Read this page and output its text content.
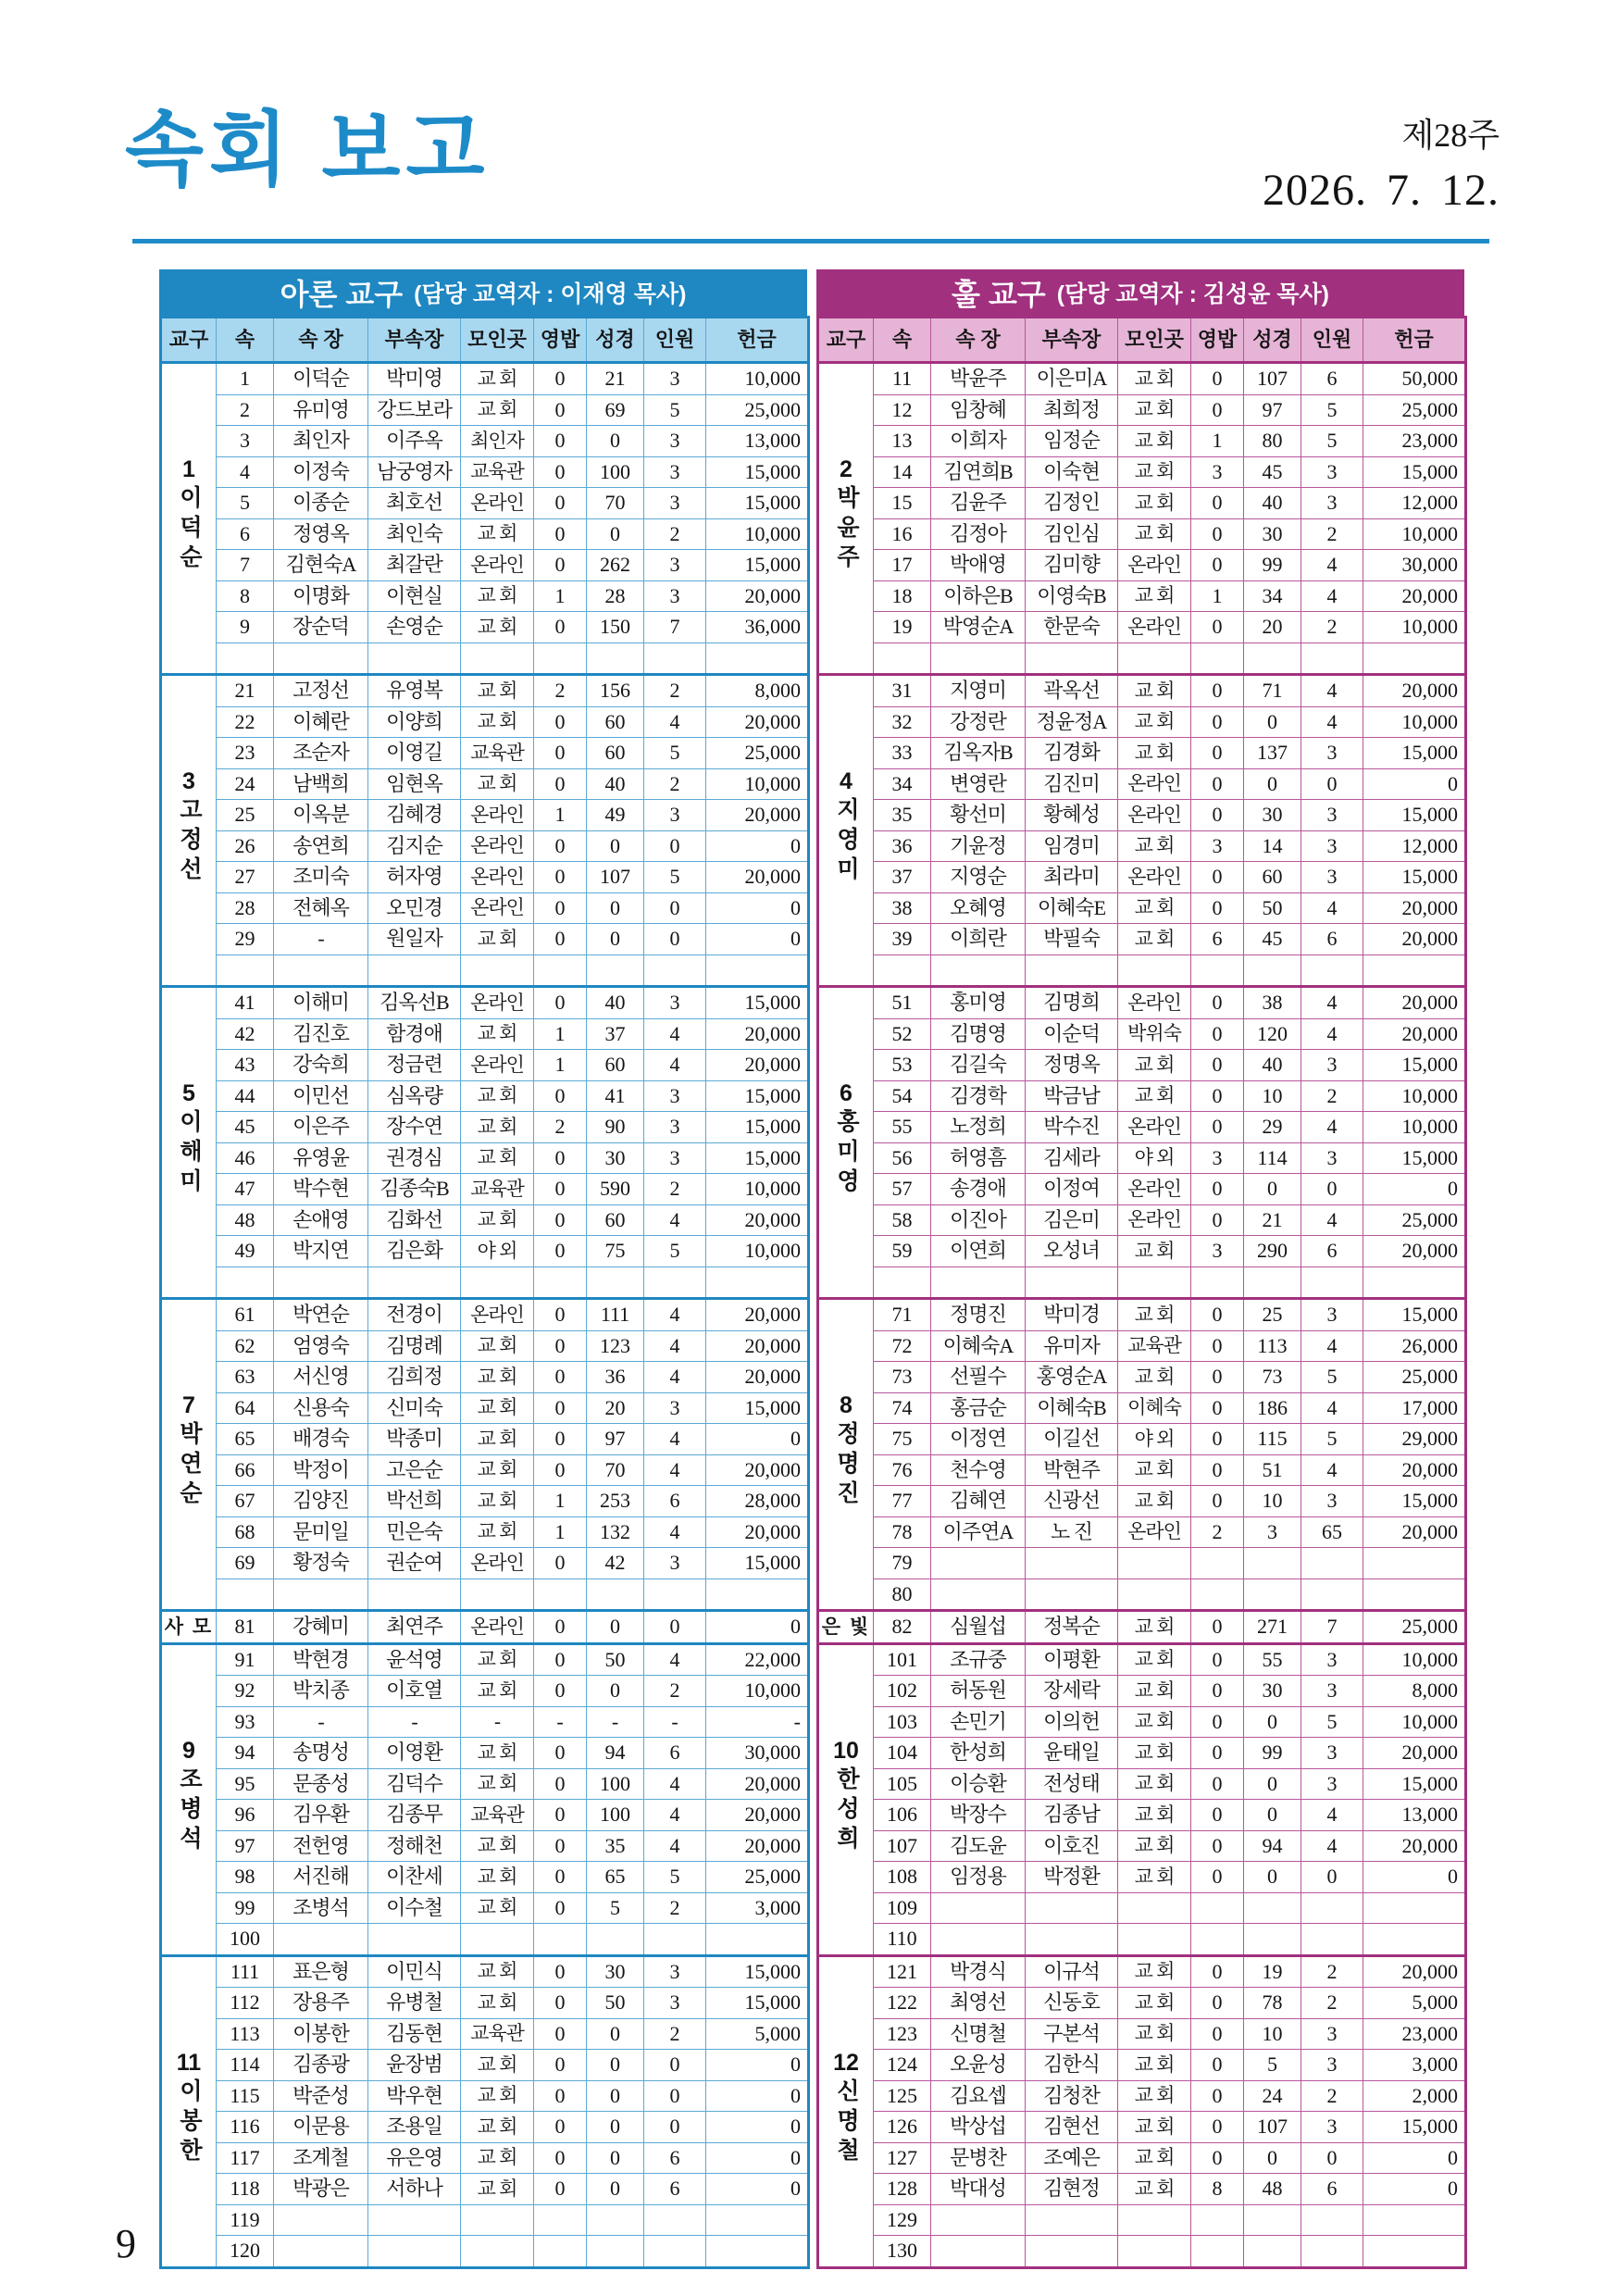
속회 보고	제28주
2026. 7. 12.
아론 교구 (담당 교역자 : 이재영 목사)
교구	속	속 장	부속장	모인곳	영밥	성경	인원	헌금

1
이덕순	1	이덕순	박미영	교 회	0	21	3	10,000
	2	유미영	강드보라	교 회	0	69	5	25,000
	3	최인자	이주옥	최인자	0	0	3	13,000
	4	이정숙	남궁영자	교육관	0	100	3	15,000
	5	이종순	최호선	온라인	0	70	3	15,000
	6	정영옥	최인숙	교 회	0	0	2	10,000
	7	김현숙A	최갈란	온라인	0	262	3	15,000
	8	이명화	이현실	교 회	1	28	3	20,000
	9	장순덕	손영순	교 회	0	150	7	36,000

3
고정선	21	고정선	유영복	교 회	2	156	2	8,000
	22	이혜란	이양희	교 회	0	60	4	20,000
	23	조순자	이영길	교육관	0	60	5	25,000
	24	남백희	임현옥	교 회	0	40	2	10,000
	25	이옥분	김혜경	온라인	1	49	3	20,000
	26	송연희	김지순	온라인	0	0	0	0
	27	조미숙	허자영	온라인	0	107	5	20,000
	28	전혜옥	오민경	온라인	0	0	0	0
	29	-	원일자	교 회	0	0	0	0

5
이해미	41	이해미	김옥선B	온라인	0	40	3	15,000
	42	김진호	함경애	교 회	1	37	4	20,000
	43	강숙희	정금련	온라인	1	60	4	20,000
	44	이민선	심옥량	교 회	0	41	3	15,000
	45	이은주	장수연	교 회	2	90	3	15,000
	46	유영윤	권경심	교 회	0	30	3	15,000
	47	박수현	김종숙B	교육관	0	590	2	10,000
	48	손애영	김화선	교 회	0	60	4	20,000
	49	박지연	김은화	야 외	0	75	5	10,000

7
박연순	61	박연순	전경이	온라인	0	111	4	20,000
	62	엄영숙	김명례	교 회	0	123	4	20,000
	63	서신영	김희정	교 회	0	36	4	20,000
	64	신용숙	신미숙	교 회	0	20	3	15,000
	65	배경숙	박종미	교 회	0	97	4	0
	66	박정이	고은순	교 회	0	70	4	20,000
	67	김양진	박선희	교 회	1	253	6	28,000
	68	문미일	민은숙	교 회	1	132	4	20,000
	69	황정숙	권순여	온라인	0	42	3	15,000

사 모	81	강혜미	최연주	온라인	0	0	0	0

9
조병석	91	박현경	윤석영	교 회	0	50	4	22,000
	92	박치종	이호열	교 회	0	0	2	10,000
	93	-	-	-	-	-	-	-
	94	송명성	이영환	교 회	0	94	6	30,000
	95	문종성	김덕수	교 회	0	100	4	20,000
	96	김우환	김종무	교육관	0	100	4	20,000
	97	전헌영	정해천	교 회	0	35	4	20,000
	98	서진해	이찬세	교 회	0	65	5	25,000
	99	조병석	이수철	교 회	0	5	2	3,000
	100							

11
이봉한	111	표은형	이민식	교 회	0	30	3	15,000
	112	장용주	유병철	교 회	0	50	3	15,000
	113	이봉한	김동현	교육관	0	0	2	5,000
	114	김종광	윤장범	교 회	0	0	0	0
	115	박준성	박우현	교 회	0	0	0	0
	116	이문용	조용일	교 회	0	0	0	0
	117	조계철	유은영	교 회	0	0	6	0
	118	박광은	서하나	교 회	0	0	6	0
	119							
	120							
훌 교구 (담당 교역자 : 김성윤 목사)
교구	속	속 장	부속장	모인곳	영밥	성경	인원	헌금

2
박윤주	11	박윤주	이은미A	교 회	0	107	6	50,000
	12	임창혜	최희정	교 회	0	97	5	25,000
	13	이희자	임정순	교 회	1	80	5	23,000
	14	김연희B	이숙현	교 회	3	45	3	15,000
	15	김윤주	김정인	교 회	0	40	3	12,000
	16	김정아	김인심	교 회	0	30	2	10,000
	17	박애영	김미향	온라인	0	99	4	30,000
	18	이하은B	이영숙B	교 회	1	34	4	20,000
	19	박영순A	한문숙	온라인	0	20	2	10,000

4
지영미	31	지영미	곽옥선	교 회	0	71	4	20,000
	32	강정란	정윤정A	교 회	0	0	4	10,000
	33	김옥자B	김경화	교 회	0	137	3	15,000
	34	변영란	김진미	온라인	0	0	0	0
	35	황선미	황혜성	온라인	0	30	3	15,000
	36	기윤정	임경미	교 회	3	14	3	12,000
	37	지영순	최라미	온라인	0	60	3	15,000
	38	오혜영	이혜숙E	교 회	0	50	4	20,000
	39	이희란	박필숙	교 회	6	45	6	20,000

6
홍미영	51	홍미영	김명희	온라인	0	38	4	20,000
	52	김명영	이순덕	박위숙	0	120	4	20,000
	53	김길숙	정명옥	교 회	0	40	3	15,000
	54	김경학	박금남	교 회	0	10	2	10,000
	55	노정희	박수진	온라인	0	29	4	10,000
	56	허영흠	김세라	야 외	3	114	3	15,000
	57	송경애	이정여	온라인	0	0	0	0
	58	이진아	김은미	온라인	0	21	4	25,000
	59	이연희	오성녀	교 회	3	290	6	20,000

8
정명진	71	정명진	박미경	교 회	0	25	3	15,000
	72	이혜숙A	유미자	교육관	0	113	4	26,000
	73	선필수	홍영순A	교 회	0	73	5	25,000
	74	홍금순	이혜숙B	이혜숙	0	186	4	17,000
	75	이정연	이길선	야 외	0	115	5	29,000
	76	천수영	박현주	교 회	0	51	4	20,000
	77	김혜연	신광선	교 회	0	10	3	15,000
	78	이주연A	노 진	온라인	2	3	65	20,000
	79							
	80							
은 빛	82	심월섭	정복순	교 회	0	271	7	25,000

10
한성희	101	조규중	이평환	교 회	0	55	3	10,000
	102	허동원	장세락	교 회	0	30	3	8,000
	103	손민기	이의헌	교 회	0	0	5	10,000
	104	한성희	윤태일	교 회	0	99	3	20,000
	105	이승환	전성태	교 회	0	0	3	15,000
	106	박장수	김종남	교 회	0	0	4	13,000
	107	김도윤	이호진	교 회	0	94	4	20,000
	108	임정용	박정환	교 회	0	0	0	0
	109							
	110							

12
신명철	121	박경식	이규석	교 회	0	19	2	20,000
	122	최영선	신동호	교 회	0	78	2	5,000
	123	신명철	구본석	교 회	0	10	3	23,000
	124	오윤성	김한식	교 회	0	5	3	3,000
	125	김요셉	김청찬	교 회	0	24	2	2,000
	126	박상섭	김현선	교 회	0	107	3	15,000
	127	문병찬	조예은	교 회	0	0	0	0
	128	박대성	김현정	교 회	8	48	6	0
	129							
	130							
9
